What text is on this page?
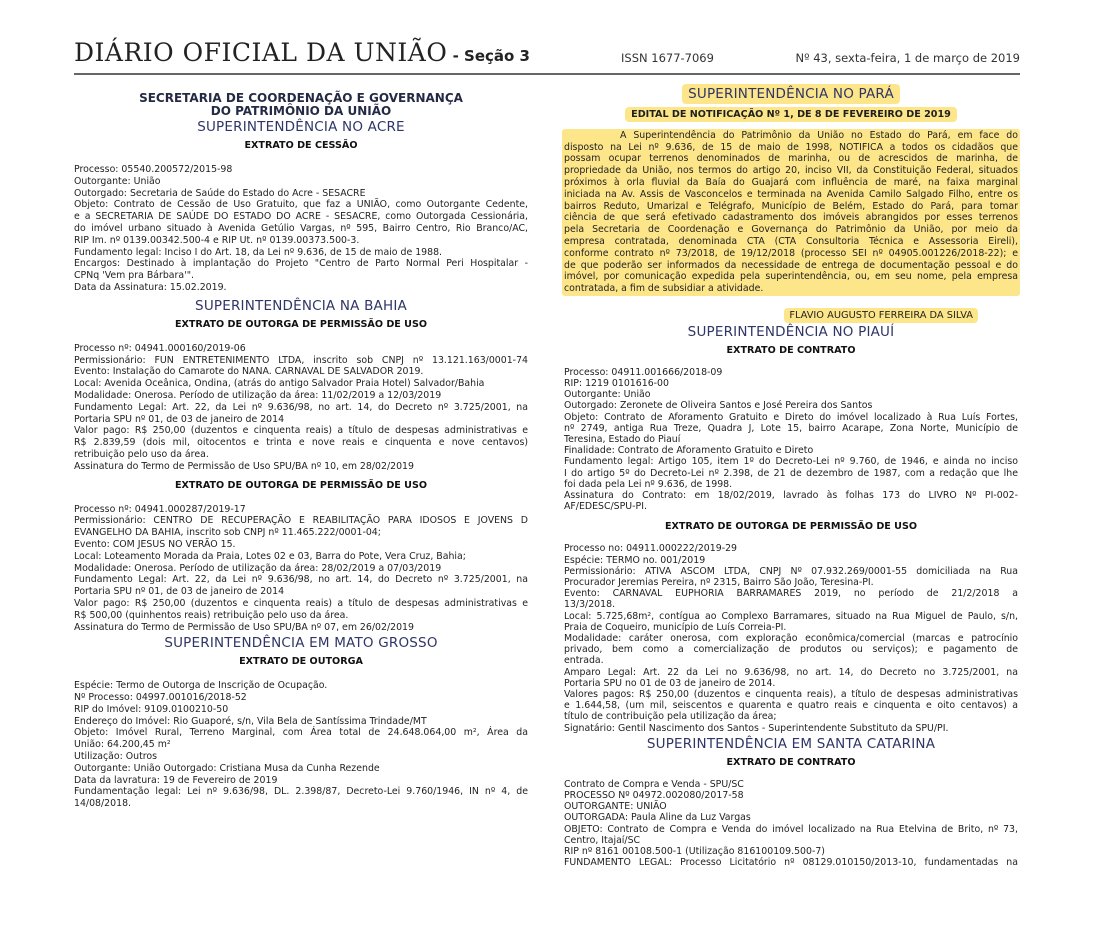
DIÁRIO OFICIAL DA UNIÃO - Seção 3	ISSN 1677-7069	Nº 43, sexta-feira, 1 de março de 2019
SECRETARIA DE COORDENAÇÃO E GOVERNANÇA
DO PATRIMÔNIO DA UNIÃO
SUPERINTENDÊNCIA NO ACRE
EXTRATO DE CESSÃO
Processo: 05540.200572/2015-98
Outorgante: União
Outorgado: Secretaria de Saúde do Estado do Acre - SESACRE
Objeto: Contrato de Cessão de Uso Gratuito, que faz a UNIÃO, como Outorgante Cedente,
e a SECRETARIA DE SAÚDE DO ESTADO DO ACRE - SESACRE, como Outorgada Cessionária,
do imóvel urbano situado à Avenida Getúlio Vargas, nº 595, Bairro Centro, Rio Branco/AC,
RIP Im. nº 0139.00342.500-4 e RIP Ut. nº 0139.00373.500-3.
Fundamento legal: Inciso I do Art. 18, da Lei nº 9.636, de 15 de maio de 1988.
Encargos: Destinado à implantação do Projeto "Centro de Parto Normal Peri Hospitalar -
CPNq 'Vem pra Bárbara'".
Data da Assinatura: 15.02.2019.
SUPERINTENDÊNCIA NA BAHIA
EXTRATO DE OUTORGA DE PERMISSÃO DE USO
Processo nº: 04941.000160/2019-06
Permissionário: FUN ENTRETENIMENTO LTDA, inscrito sob CNPJ nº 13.121.163/0001-74
Evento: Instalação do Camarote do NANA. CARNAVAL DE SALVADOR 2019.
Local: Avenida Oceânica, Ondina, (atrás do antigo Salvador Praia Hotel) Salvador/Bahia
Modalidade: Onerosa. Período de utilização da área: 11/02/2019 a 12/03/2019
Fundamento Legal: Art. 22, da Lei nº 9.636/98, no art. 14, do Decreto nº 3.725/2001, na
Portaria SPU nº 01, de 03 de janeiro de 2014
Valor pago: R$ 250,00 (duzentos e cinquenta reais) a título de despesas administrativas e
R$ 2.839,59 (dois mil, oitocentos e trinta e nove reais e cinquenta e nove centavos)
retribuição pelo uso da área.
Assinatura do Termo de Permissão de Uso SPU/BA nº 10, em 28/02/2019
EXTRATO DE OUTORGA DE PERMISSÃO DE USO
Processo nº: 04941.000287/2019-17
Permissionário: CENTRO DE RECUPERAÇÃO E REABILITAÇÃO PARA IDOSOS E JOVENS D
EVANGELHO DA BAHIA, inscrito sob CNPJ nº 11.465.222/0001-04;
Evento: COM JESUS NO VERÃO 15.
Local: Loteamento Morada da Praia, Lotes 02 e 03, Barra do Pote, Vera Cruz, Bahia;
Modalidade: Onerosa. Período de utilização da área: 28/02/2019 a 07/03/2019
Fundamento Legal: Art. 22, da Lei nº 9.636/98, no art. 14, do Decreto nº 3.725/2001, na
Portaria SPU nº 01, de 03 de janeiro de 2014
Valor pago: R$ 250,00 (duzentos e cinquenta reais) a título de despesas administrativas e
R$ 500,00 (quinhentos reais) retribuição pelo uso da área.
Assinatura do Termo de Permissão de Uso SPU/BA nº 07, em 26/02/2019
SUPERINTENDÊNCIA EM MATO GROSSO
EXTRATO DE OUTORGA
Espécie: Termo de Outorga de Inscrição de Ocupação.
Nº Processo: 04997.001016/2018-52
RIP do Imóvel: 9109.0100210-50
Endereço do Imóvel: Rio Guaporé, s/n, Vila Bela de Santíssima Trindade/MT
Objeto: Imóvel Rural, Terreno Marginal, com Área total de 24.648.064,00 m², Área da
União: 64.200,45 m²
Utilização: Outros
Outorgante: União Outorgado: Cristiana Musa da Cunha Rezende
Data da lavratura: 19 de Fevereiro de 2019
Fundamentação legal: Lei nº 9.636/98, DL. 2.398/87, Decreto-Lei 9.760/1946, IN nº 4, de
14/08/2018.
SUPERINTENDÊNCIA NO PARÁ
EDITAL DE NOTIFICAÇÃO Nº 1, DE 8 DE FEVEREIRO DE 2019
A Superintendência do Patrimônio da União no Estado do Pará, em face do
disposto na Lei nº 9.636, de 15 de maio de 1998, NOTIFICA a todos os cidadãos que
possam ocupar terrenos denominados de marinha, ou de acrescidos de marinha, de
propriedade da União, nos termos do artigo 20, inciso VII, da Constituição Federal, situados
próximos à orla fluvial da Baía do Guajará com influência de maré, na faixa marginal
iniciada na Av. Assis de Vasconcelos e terminada na Avenida Camilo Salgado Filho, entre os
bairros Reduto, Umarizal e Telégrafo, Município de Belém, Estado do Pará, para tomar
ciência de que será efetivado cadastramento dos imóveis abrangidos por esses terrenos
pela Secretaria de Coordenação e Governança do Patrimônio da União, por meio da
empresa contratada, denominada CTA (CTA Consultoria Técnica e Assessoria Eireli),
conforme contrato nº 73/2018, de 19/12/2018 (processo SEI nº 04905.001226/2018-22); e
de que poderão ser informados da necessidade de entrega de documentação pessoal e do
imóvel, por comunicação expedida pela superintendência, ou, em seu nome, pela empresa
contratada, a fim de subsidiar a atividade.
FLAVIO AUGUSTO FERREIRA DA SILVA
SUPERINTENDÊNCIA NO PIAUÍ
EXTRATO DE CONTRATO
Processo: 04911.001666/2018-09
RIP: 1219 0101616-00
Outorgante: União
Outorgado: Zeronete de Oliveira Santos e José Pereira dos Santos
Objeto: Contrato de Aforamento Gratuito e Direto do imóvel localizado à Rua Luís Fortes,
nº 2749, antiga Rua Treze, Quadra J, Lote 15, bairro Acarape, Zona Norte, Município de
Teresina, Estado do Piauí
Finalidade: Contrato de Aforamento Gratuito e Direto
Fundamento legal: Artigo 105, item 1º do Decreto-Lei nº 9.760, de 1946, e ainda no inciso
I do artigo 5º do Decreto-Lei nº 2.398, de 21 de dezembro de 1987, com a redação que lhe
foi dada pela Lei nº 9.636, de 1998.
Assinatura do Contrato: em 18/02/2019, lavrado às folhas 173 do LIVRO Nº PI-002-
AF/EDESC/SPU-PI.
EXTRATO DE OUTORGA DE PERMISSÃO DE USO
Processo no: 04911.000222/2019-29
Espécie: TERMO no. 001/2019
Permissionário: ATIVA ASCOM LTDA, CNPJ Nº 07.932.269/0001-55 domiciliada na Rua
Procurador Jeremias Pereira, nº 2315, Bairro São João, Teresina-PI.
Evento: CARNAVAL EUPHORIA BARRAMARES 2019, no período de 21/2/2018 a
13/3/2018.
Local: 5.725,68m², contígua ao Complexo Barramares, situado na Rua Miguel de Paulo, s/n,
Praia de Coqueiro, município de Luís Correia-PI.
Modalidade: caráter onerosa, com exploração econômica/comercial (marcas e patrocínio
privado, bem como a comercialização de produtos ou serviços); e pagamento de
entrada.
Amparo Legal: Art. 22 da Lei no 9.636/98, no art. 14, do Decreto no 3.725/2001, na
Portaria SPU no 01 de 03 de janeiro de 2014.
Valores pagos: R$ 250,00 (duzentos e cinquenta reais), a título de despesas administrativas
e 1.644,58, (um mil, seiscentos e quarenta e quatro reais e cinquenta e oito centavos) a
título de contribuição pela utilização da área;
Signatário: Gentil Nascimento dos Santos - Superintendente Substituto da SPU/PI.
SUPERINTENDÊNCIA EM SANTA CATARINA
EXTRATO DE CONTRATO
Contrato de Compra e Venda - SPU/SC
PROCESSO Nº 04972.002080/2017-58
OUTORGANTE: UNIÃO
OUTORGADA: Paula Aline da Luz Vargas
OBJETO: Contrato de Compra e Venda do imóvel localizado na Rua Etelvina de Brito, nº 73,
Centro, Itajaí/SC
RIP nº 8161 00108.500-1 (Utilização 816100109.500-7)
FUNDAMENTO LEGAL: Processo Licitatório nº 08129.010150/2013-10, fundamentadas na
